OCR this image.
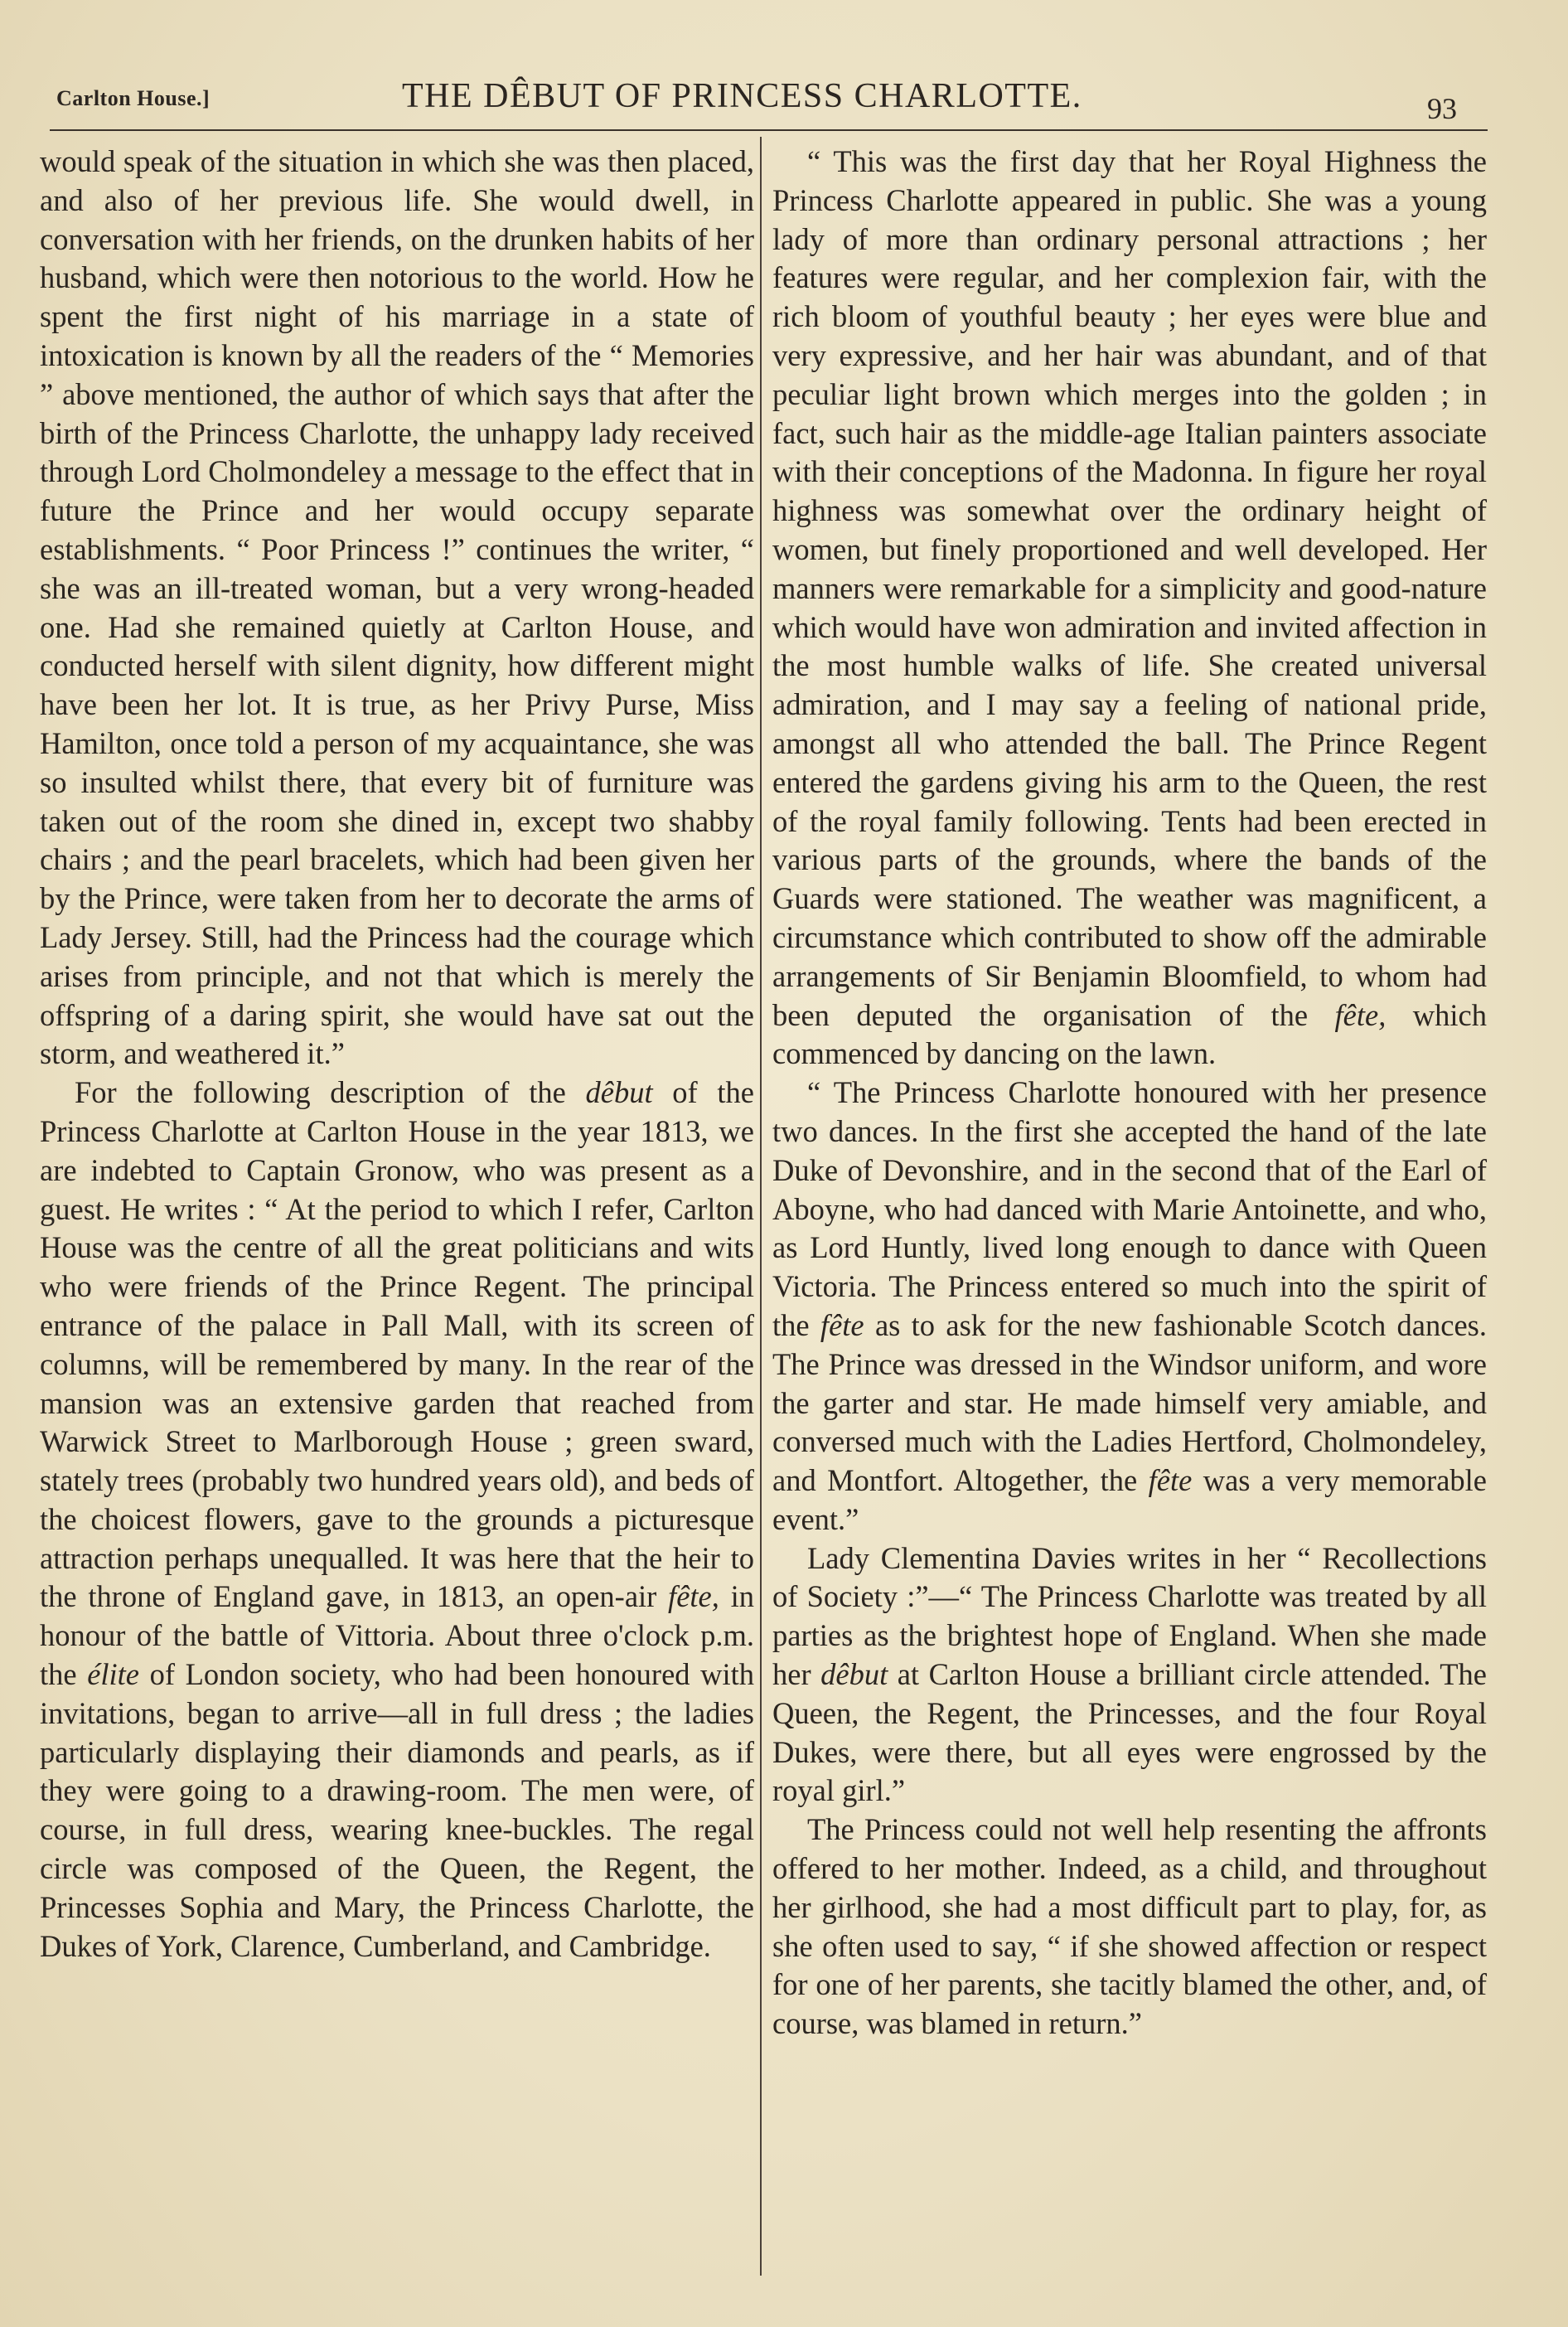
Carlton House.]	THE DÊBUT OF PRINCESS CHARLOTTE.	93

would speak of the situation in which she was then placed, and also of her previous life. She would dwell, in conversation with her friends, on the drunken habits of her husband, which were then notorious to the world. How he spent the first night of his marriage in a state of intoxication is known by all the readers of the “ Memories ” above mentioned, the author of which says that after the birth of the Princess Charlotte, the unhappy lady received through Lord Cholmondeley a message to the effect that in future the Prince and her would occupy separate establishments. “ Poor Princess !” continues the writer, “ she was an ill-treated woman, but a very wrong-headed one. Had she remained quietly at Carlton House, and conducted herself with silent dignity, how different might have been her lot. It is true, as her Privy Purse, Miss Hamilton, once told a person of my acquaintance, she was so insulted whilst there, that every bit of furniture was taken out of the room she dined in, except two shabby chairs ; and the pearl bracelets, which had been given her by the Prince, were taken from her to decorate the arms of Lady Jersey. Still, had the Princess had the courage which arises from principle, and not that which is merely the offspring of a daring spirit, she would have sat out the storm, and weathered it.”

For the following description of the dêbut of the Princess Charlotte at Carlton House in the year 1813, we are indebted to Captain Gronow, who was present as a guest. He writes : “ At the period to which I refer, Carlton House was the centre of all the great politicians and wits who were friends of the Prince Regent. The principal entrance of the palace in Pall Mall, with its screen of columns, will be remembered by many. In the rear of the mansion was an extensive garden that reached from Warwick Street to Marlborough House ; green sward, stately trees (probably two hundred years old), and beds of the choicest flowers, gave to the grounds a picturesque attraction perhaps unequalled. It was here that the heir to the throne of England gave, in 1813, an open-air fête, in honour of the battle of Vittoria. About three o'clock p.m. the élite of London society, who had been honoured with invitations, began to arrive—all in full dress ; the ladies particularly displaying their diamonds and pearls, as if they were going to a drawing-room. The men were, of course, in full dress, wearing knee-buckles. The regal circle was composed of the Queen, the Regent, the Princesses Sophia and Mary, the Princess Charlotte, the Dukes of York, Clarence, Cumberland, and Cambridge.

“ This was the first day that her Royal Highness the Princess Charlotte appeared in public. She was a young lady of more than ordinary personal attractions ; her features were regular, and her complexion fair, with the rich bloom of youthful beauty ; her eyes were blue and very expressive, and her hair was abundant, and of that peculiar light brown which merges into the golden ; in fact, such hair as the middle-age Italian painters associate with their conceptions of the Madonna. In figure her royal highness was somewhat over the ordinary height of women, but finely proportioned and well developed. Her manners were remarkable for a simplicity and good-nature which would have won admiration and invited affection in the most humble walks of life. She created universal admiration, and I may say a feeling of national pride, amongst all who attended the ball. The Prince Regent entered the gardens giving his arm to the Queen, the rest of the royal family following. Tents had been erected in various parts of the grounds, where the bands of the Guards were stationed. The weather was magnificent, a circumstance which contributed to show off the admirable arrangements of Sir Benjamin Bloomfield, to whom had been deputed the organisation of the fête, which commenced by dancing on the lawn.

“ The Princess Charlotte honoured with her presence two dances. In the first she accepted the hand of the late Duke of Devonshire, and in the second that of the Earl of Aboyne, who had danced with Marie Antoinette, and who, as Lord Huntly, lived long enough to dance with Queen Victoria. The Princess entered so much into the spirit of the fête as to ask for the new fashionable Scotch dances. The Prince was dressed in the Windsor uniform, and wore the garter and star. He made himself very amiable, and conversed much with the Ladies Hertford, Cholmondeley, and Montfort. Altogether, the fête was a very memorable event.”

Lady Clementina Davies writes in her “ Recollections of Society :”—“ The Princess Charlotte was treated by all parties as the brightest hope of England. When she made her dêbut at Carlton House a brilliant circle attended. The Queen, the Regent, the Princesses, and the four Royal Dukes, were there, but all eyes were engrossed by the royal girl.”

The Princess could not well help resenting the affronts offered to her mother. Indeed, as a child, and throughout her girlhood, she had a most difficult part to play, for, as she often used to say, “ if she showed affection or respect for one of her parents, she tacitly blamed the other, and, of course, was blamed in return.”
